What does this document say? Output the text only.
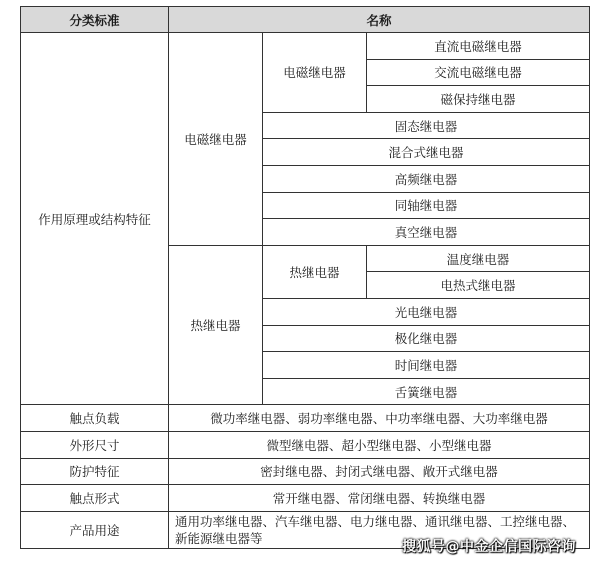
分类标准	名称		
作用原理或结构特征	电磁继电器	电磁继电器	直流电磁继电器
			交流电磁继电器
			磁保持继电器
		固态继电器	
		混合式继电器	
		高频继电器	
		同轴继电器	
		真空继电器	
	热继电器	热继电器	温度继电器
			电热式继电器
		光电继电器	
		极化继电器	
		时间继电器	
		舌簧继电器	
触点负载	微功率继电器、弱功率继电器、中功率继电器、大功率继电器		
外形尺寸	微型继电器、超小型继电器、小型继电器		
防护特征	密封继电器、封闭式继电器、敞开式继电器		
触点形式	常开继电器、常闭继电器、转换继电器		
产品用途	通用功率继电器、汽车继电器、电力继电器、通讯继电器、工控继电器、新能源继电器等		
搜狐号@中金企信国际咨询
